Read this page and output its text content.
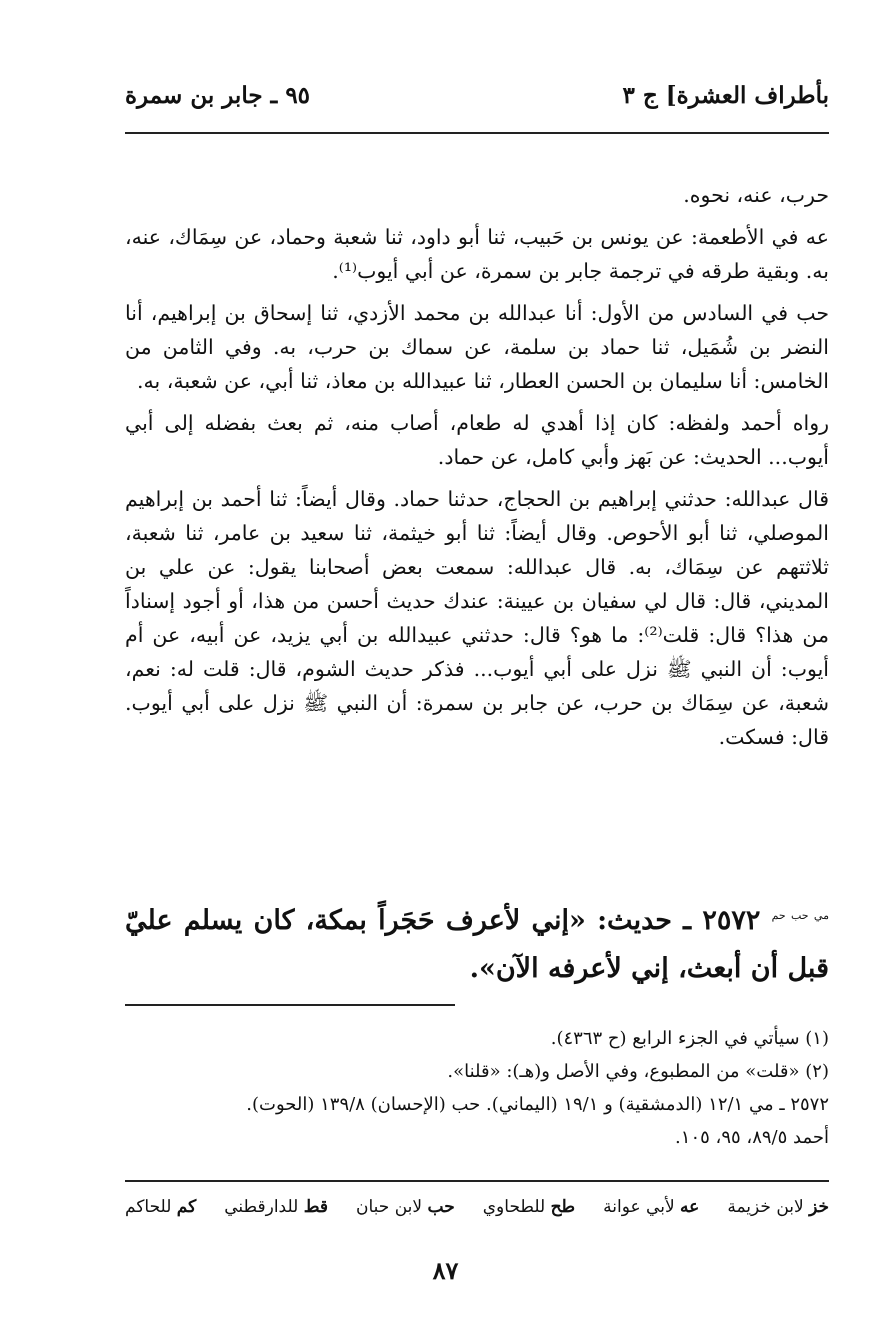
بأطراف العشرة] ج ٣
٩٥ ـ جابر بن سمرة

حرب، عنه، نحوه.

عه في الأطعمة: عن يونس بن حَبيب، ثنا أبو داود، ثنا شعبة وحماد، عن سِمَاك، عنه، به. وبقية طرقه في ترجمة جابر بن سمرة، عن أبي أيوب⁽¹⁾.

حب في السادس من الأول: أنا عبدالله بن محمد الأزدي، ثنا إسحاق بن إبراهيم، أنا النضر بن شُمَيل، ثنا حماد بن سلمة، عن سماك بن حرب، به. وفي الثامن من الخامس: أنا سليمان بن الحسن العطار، ثنا عبيدالله بن معاذ، ثنا أبي، عن شعبة، به.

رواه أحمد ولفظه: كان إذا أهدي له طعام، أصاب منه، ثم بعث بفضله إلى أبي أيوب... الحديث: عن بَهز وأبي كامل، عن حماد.

قال عبدالله: حدثني إبراهيم بن الحجاج، حدثنا حماد. وقال أيضاً: ثنا أحمد بن إبراهيم الموصلي، ثنا أبو الأحوص. وقال أيضاً: ثنا أبو خيثمة، ثنا سعيد بن عامر، ثنا شعبة، ثلاثتهم عن سِمَاك، به. قال عبدالله: سمعت بعض أصحابنا يقول: عن علي بن المديني، قال: قال لي سفيان بن عيينة: عندك حديث أحسن من هذا، أو أجود إسناداً من هذا؟ قال: قلت⁽²⁾: ما هو؟ قال: حدثني عبيدالله بن أبي يزيد، عن أبيه، عن أم أيوب: أن النبي ﷺ نزل على أبي أيوب... فذكر حديث الشوم، قال: قلت له: نعم، شعبة، عن سِمَاك بن حرب، عن جابر بن سمرة: أن النبي ﷺ نزل على أبي أيوب. قال: فسكت.

$^{مي حب حم}$ ٢٥٧٢ ـ حديث: «إني لأعرف حَجَراً بمكة، كان يسلم عليّ قبل أن أبعث، إني لأعرفه الآن».
(١) سيأتي في الجزء الرابع (ح ٤٣٦٣).
(٢) «قلت» من المطبوع، وفي الأصل و(هـ): «قلنا».
٢٥٧٢ ـ مي ١٢/١ (الدمشقية) و ١٩/١ (اليماني). حب (الإحسان) ١٣٩/٨ (الحوت).
أحمد ٨٩/٥، ٩٥، ١٠٥.
خز لابن خزيمة
عه لأبي عوانة
طح للطحاوي
حب لابن حبان
قط للدارقطني
كم للحاكم
٨٧
